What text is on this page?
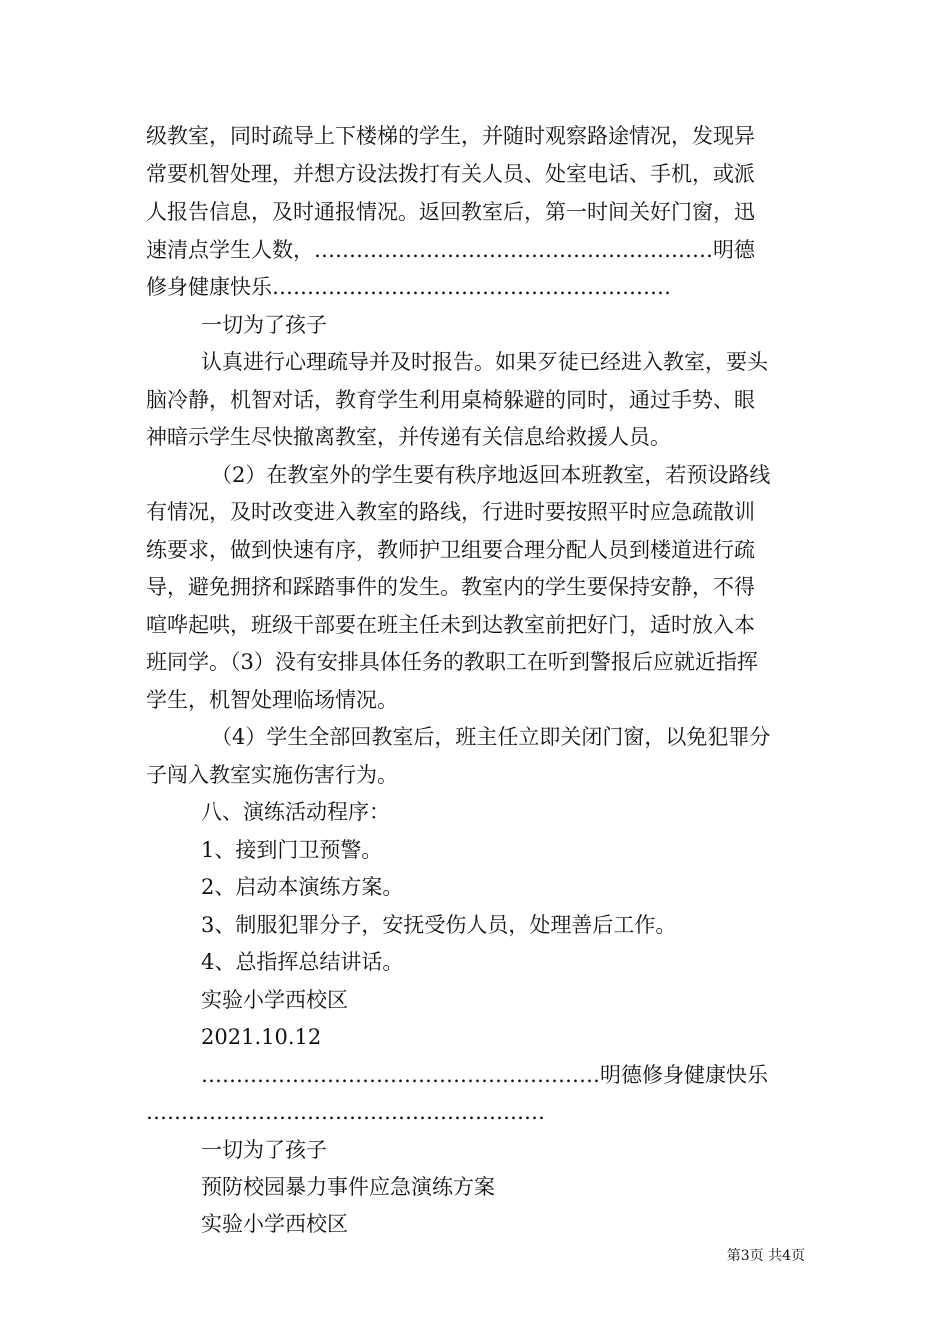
级教室，同时疏导上下楼梯的学生，并随时观察路途情况，发现异
常要机智处理，并想方设法拨打有关人员、处室电话、手机，或派
人报告信息，及时通报情况。返回教室后，第一时间关好门窗，迅
速清点学生人数，…………………………………………………明德
修身健康快乐…………………………………………………
一切为了孩子
认真进行心理疏导并及时报告。如果歹徒已经进入教室，要头
脑冷静，机智对话，教育学生利用桌椅躲避的同时，通过手势、眼
神暗示学生尽快撤离教室，并传递有关信息给救援人员。
（2）在教室外的学生要有秩序地返回本班教室，若预设路线
有情况，及时改变进入教室的路线，行进时要按照平时应急疏散训
练要求，做到快速有序，教师护卫组要合理分配人员到楼道进行疏
导，避免拥挤和踩踏事件的发生。教室内的学生要保持安静，不得
喧哗起哄，班级干部要在班主任未到达教室前把好门，适时放入本
班同学。（3）没有安排具体任务的教职工在听到警报后应就近指挥
学生，机智处理临场情况。
（4）学生全部回教室后，班主任立即关闭门窗，以免犯罪分
子闯入教室实施伤害行为。
八、演练活动程序：
1、接到门卫预警。
2、启动本演练方案。
3、制服犯罪分子，安抚受伤人员，处理善后工作。
4、总指挥总结讲话。
实验小学西校区
2021.10.12
…………………………………………………明德修身健康快乐
…………………………………………………
一切为了孩子
预防校园暴力事件应急演练方案
实验小学西校区
第3页 共4页
